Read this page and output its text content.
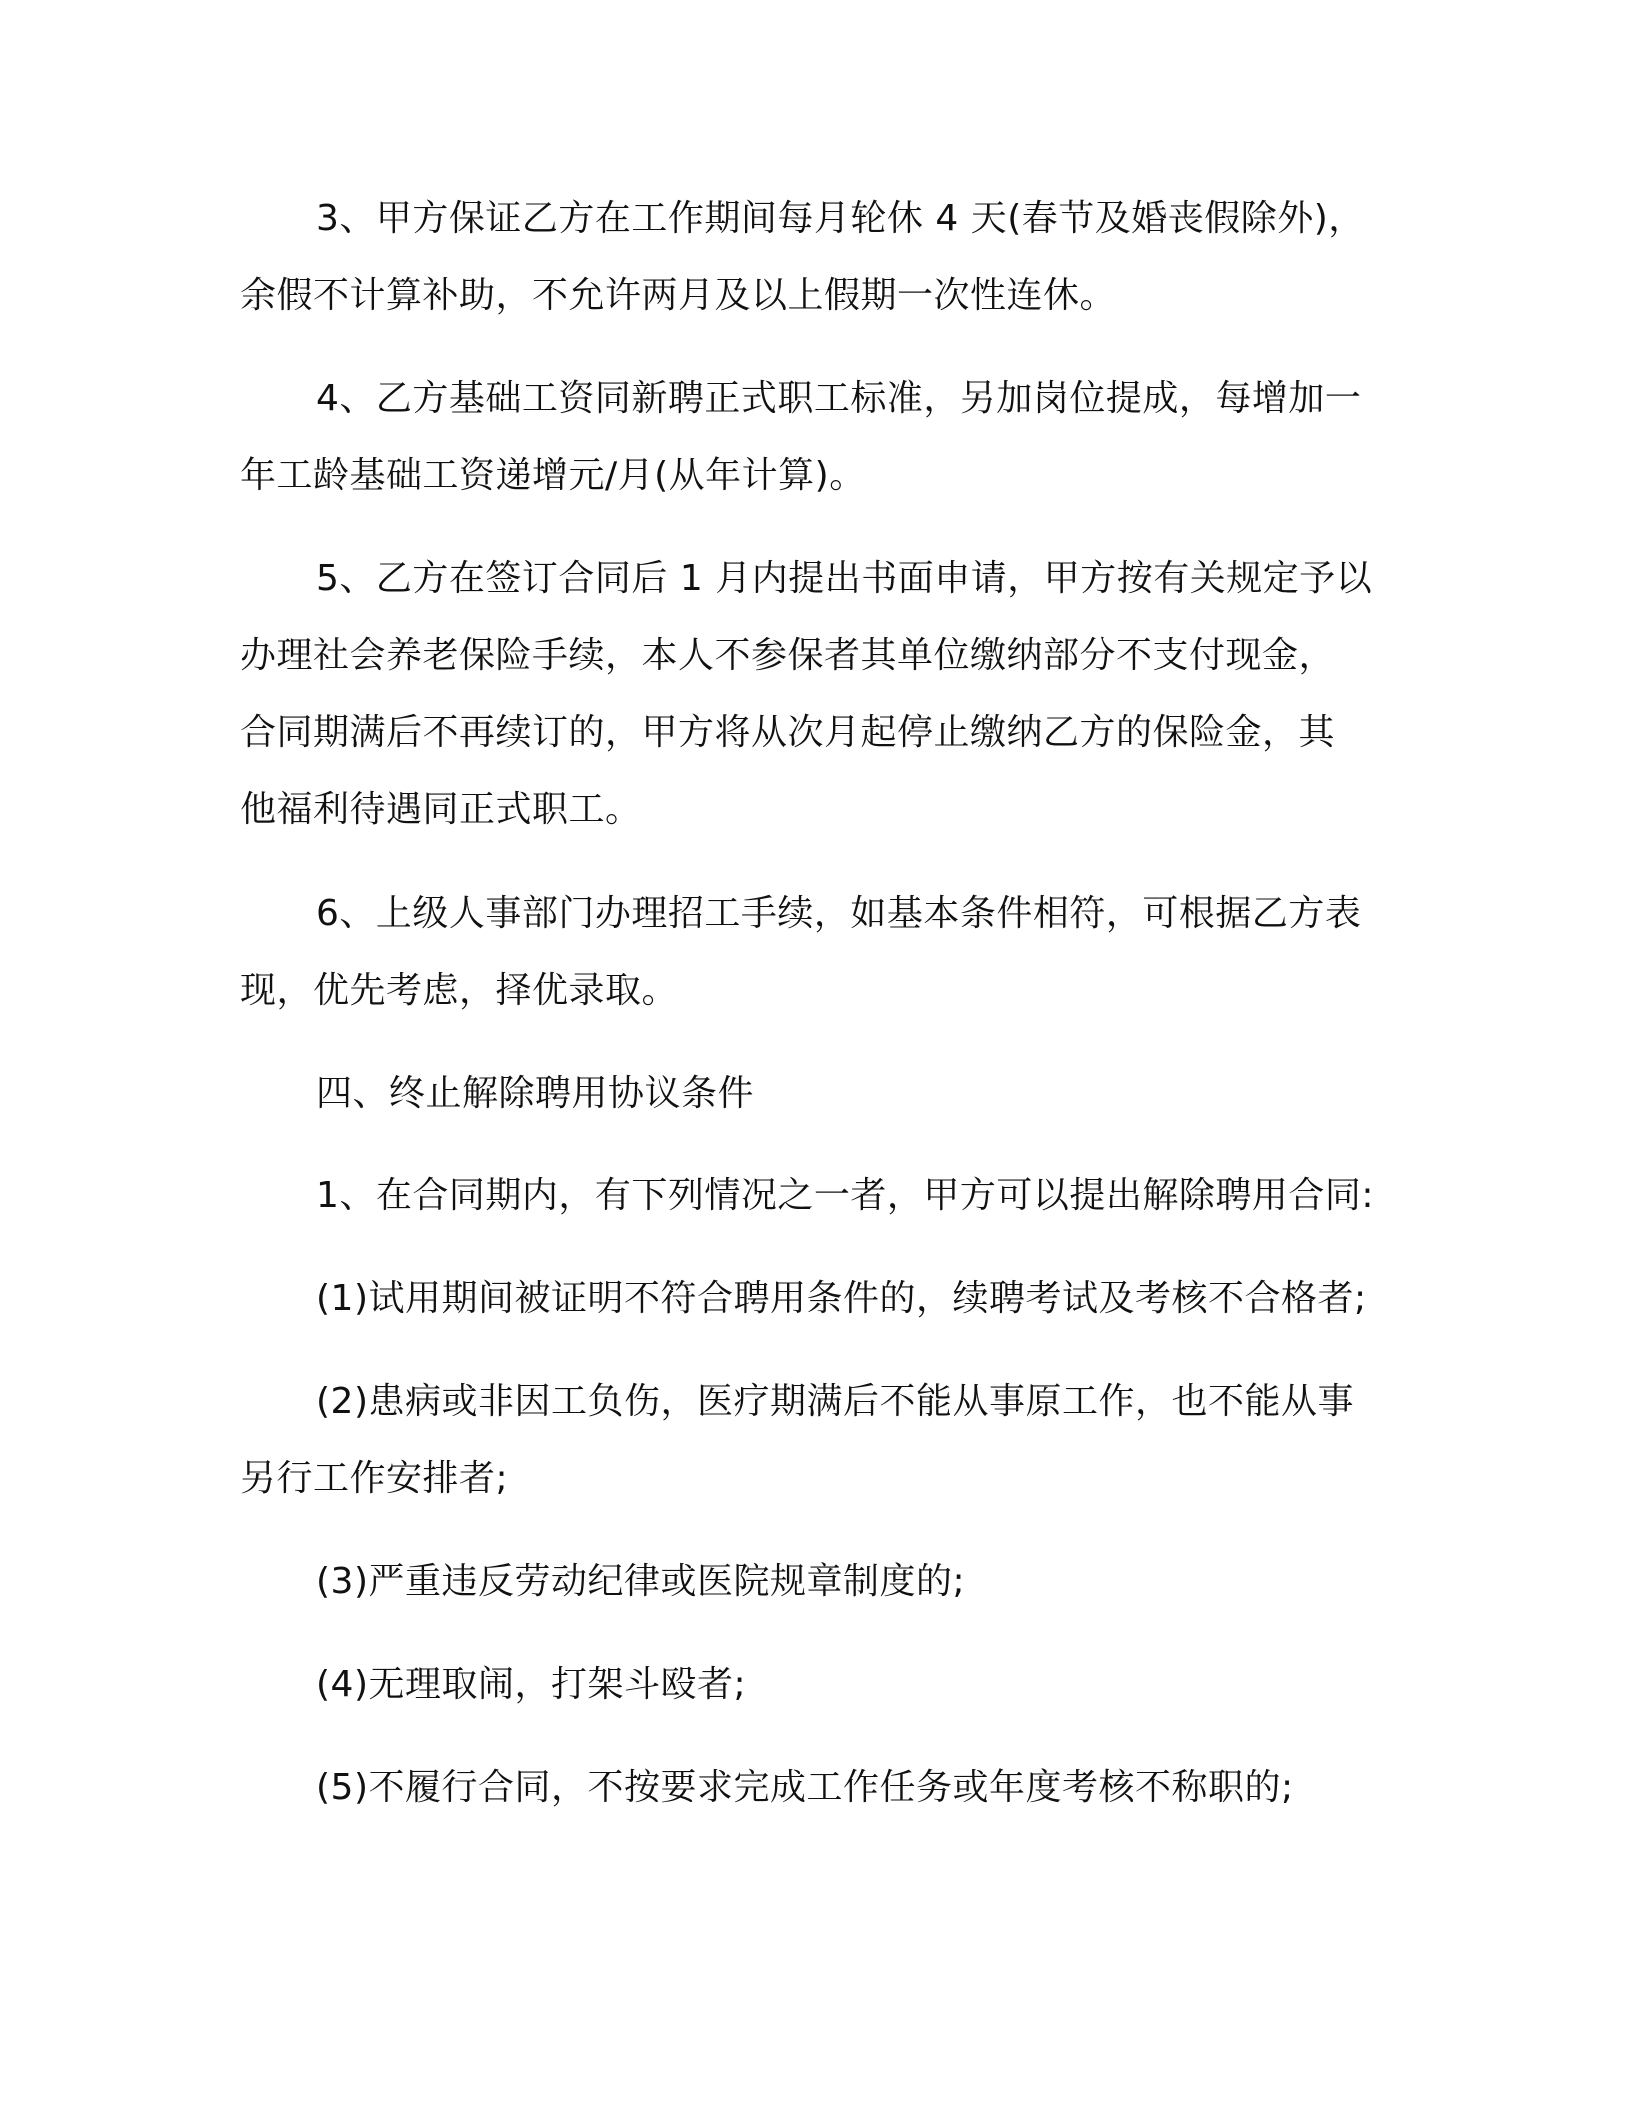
3、甲方保证乙方在工作期间每月轮休 4 天(春节及婚丧假除外)，
余假不计算补助，不允许两月及以上假期一次性连休。
4、乙方基础工资同新聘正式职工标准，另加岗位提成，每增加一
年工龄基础工资递增元/月(从年计算)。
5、乙方在签订合同后 1 月内提出书面申请，甲方按有关规定予以
办理社会养老保险手续，本人不参保者其单位缴纳部分不支付现金，
合同期满后不再续订的，甲方将从次月起停止缴纳乙方的保险金，其
他福利待遇同正式职工。
6、上级人事部门办理招工手续，如基本条件相符，可根据乙方表
现，优先考虑，择优录取。
四、终止解除聘用协议条件
1、在合同期内，有下列情况之一者，甲方可以提出解除聘用合同:
(1)试用期间被证明不符合聘用条件的，续聘考试及考核不合格者;
(2)患病或非因工负伤，医疗期满后不能从事原工作，也不能从事
另行工作安排者;
(3)严重违反劳动纪律或医院规章制度的;
(4)无理取闹，打架斗殴者;
(5)不履行合同，不按要求完成工作任务或年度考核不称职的;
